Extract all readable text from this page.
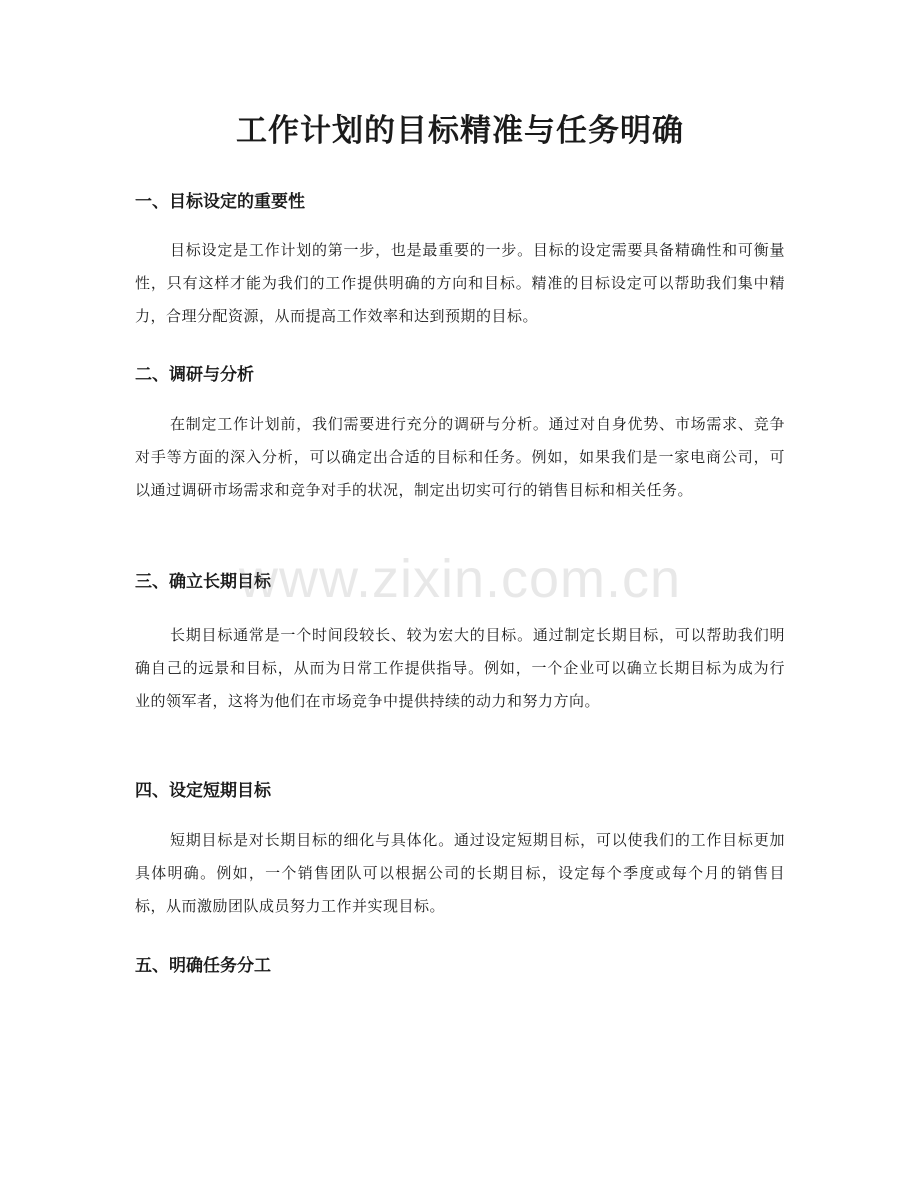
工作计划的目标精准与任务明确
一、目标设定的重要性

目标设定是工作计划的第一步，也是最重要的一步。目标的设定需要具备精确性和可衡量性，只有这样才能为我们的工作提供明确的方向和目标。精准的目标设定可以帮助我们集中精力，合理分配资源，从而提高工作效率和达到预期的目标。

二、调研与分析

在制定工作计划前，我们需要进行充分的调研与分析。通过对自身优势、市场需求、竞争对手等方面的深入分析，可以确定出合适的目标和任务。例如，如果我们是一家电商公司，可以通过调研市场需求和竞争对手的状况，制定出切实可行的销售目标和相关任务。

三、确立长期目标

长期目标通常是一个时间段较长、较为宏大的目标。通过制定长期目标，可以帮助我们明确自己的远景和目标，从而为日常工作提供指导。例如，一个企业可以确立长期目标为成为行业的领军者，这将为他们在市场竞争中提供持续的动力和努力方向。

四、设定短期目标

短期目标是对长期目标的细化与具体化。通过设定短期目标，可以使我们的工作目标更加具体明确。例如，一个销售团队可以根据公司的长期目标，设定每个季度或每个月的销售目标，从而激励团队成员努力工作并实现目标。

五、明确任务分工
www.zixin.com.cn
